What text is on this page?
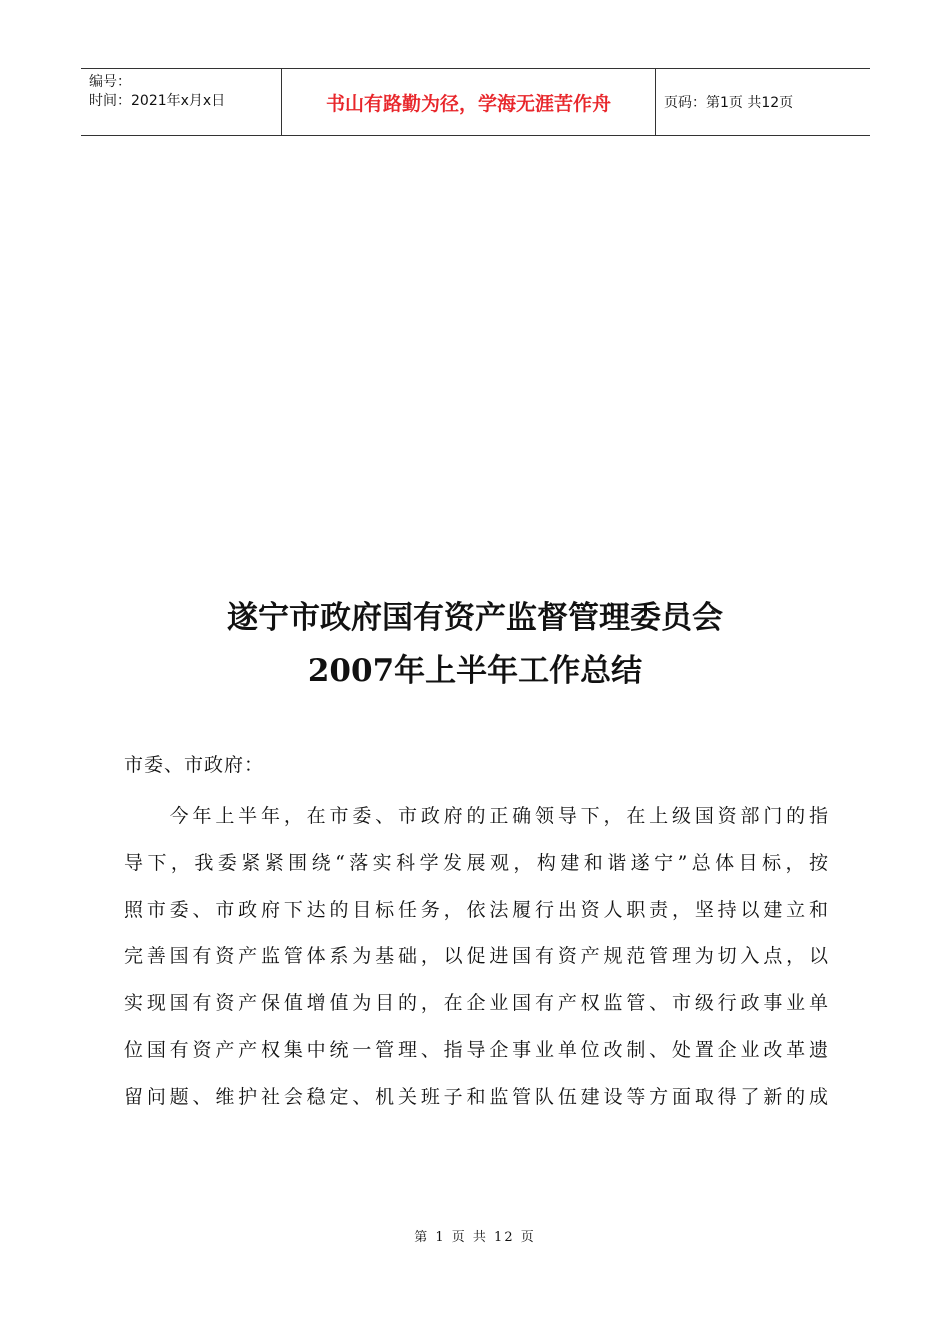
编号：
时间：2021年x月x日	书山有路勤为径，学海无涯苦作舟	页码：第1页 共12页
遂宁市政府国有资产监督管理委员会
2007年上半年工作总结
市委、市政府：
　　今年上半年，在市委、市政府的正确领导下，在上级国资部门的指
导下，我委紧紧围绕“落实科学发展观，构建和谐遂宁”总体目标，按
照市委、市政府下达的目标任务，依法履行出资人职责，坚持以建立和
完善国有资产监管体系为基础，以促进国有资产规范管理为切入点，以
实现国有资产保值增值为目的，在企业国有产权监管、市级行政事业单
位国有资产产权集中统一管理、指导企事业单位改制、处置企业改革遗
留问题、维护社会稳定、机关班子和监管队伍建设等方面取得了新的成
第 1 页 共 12 页
